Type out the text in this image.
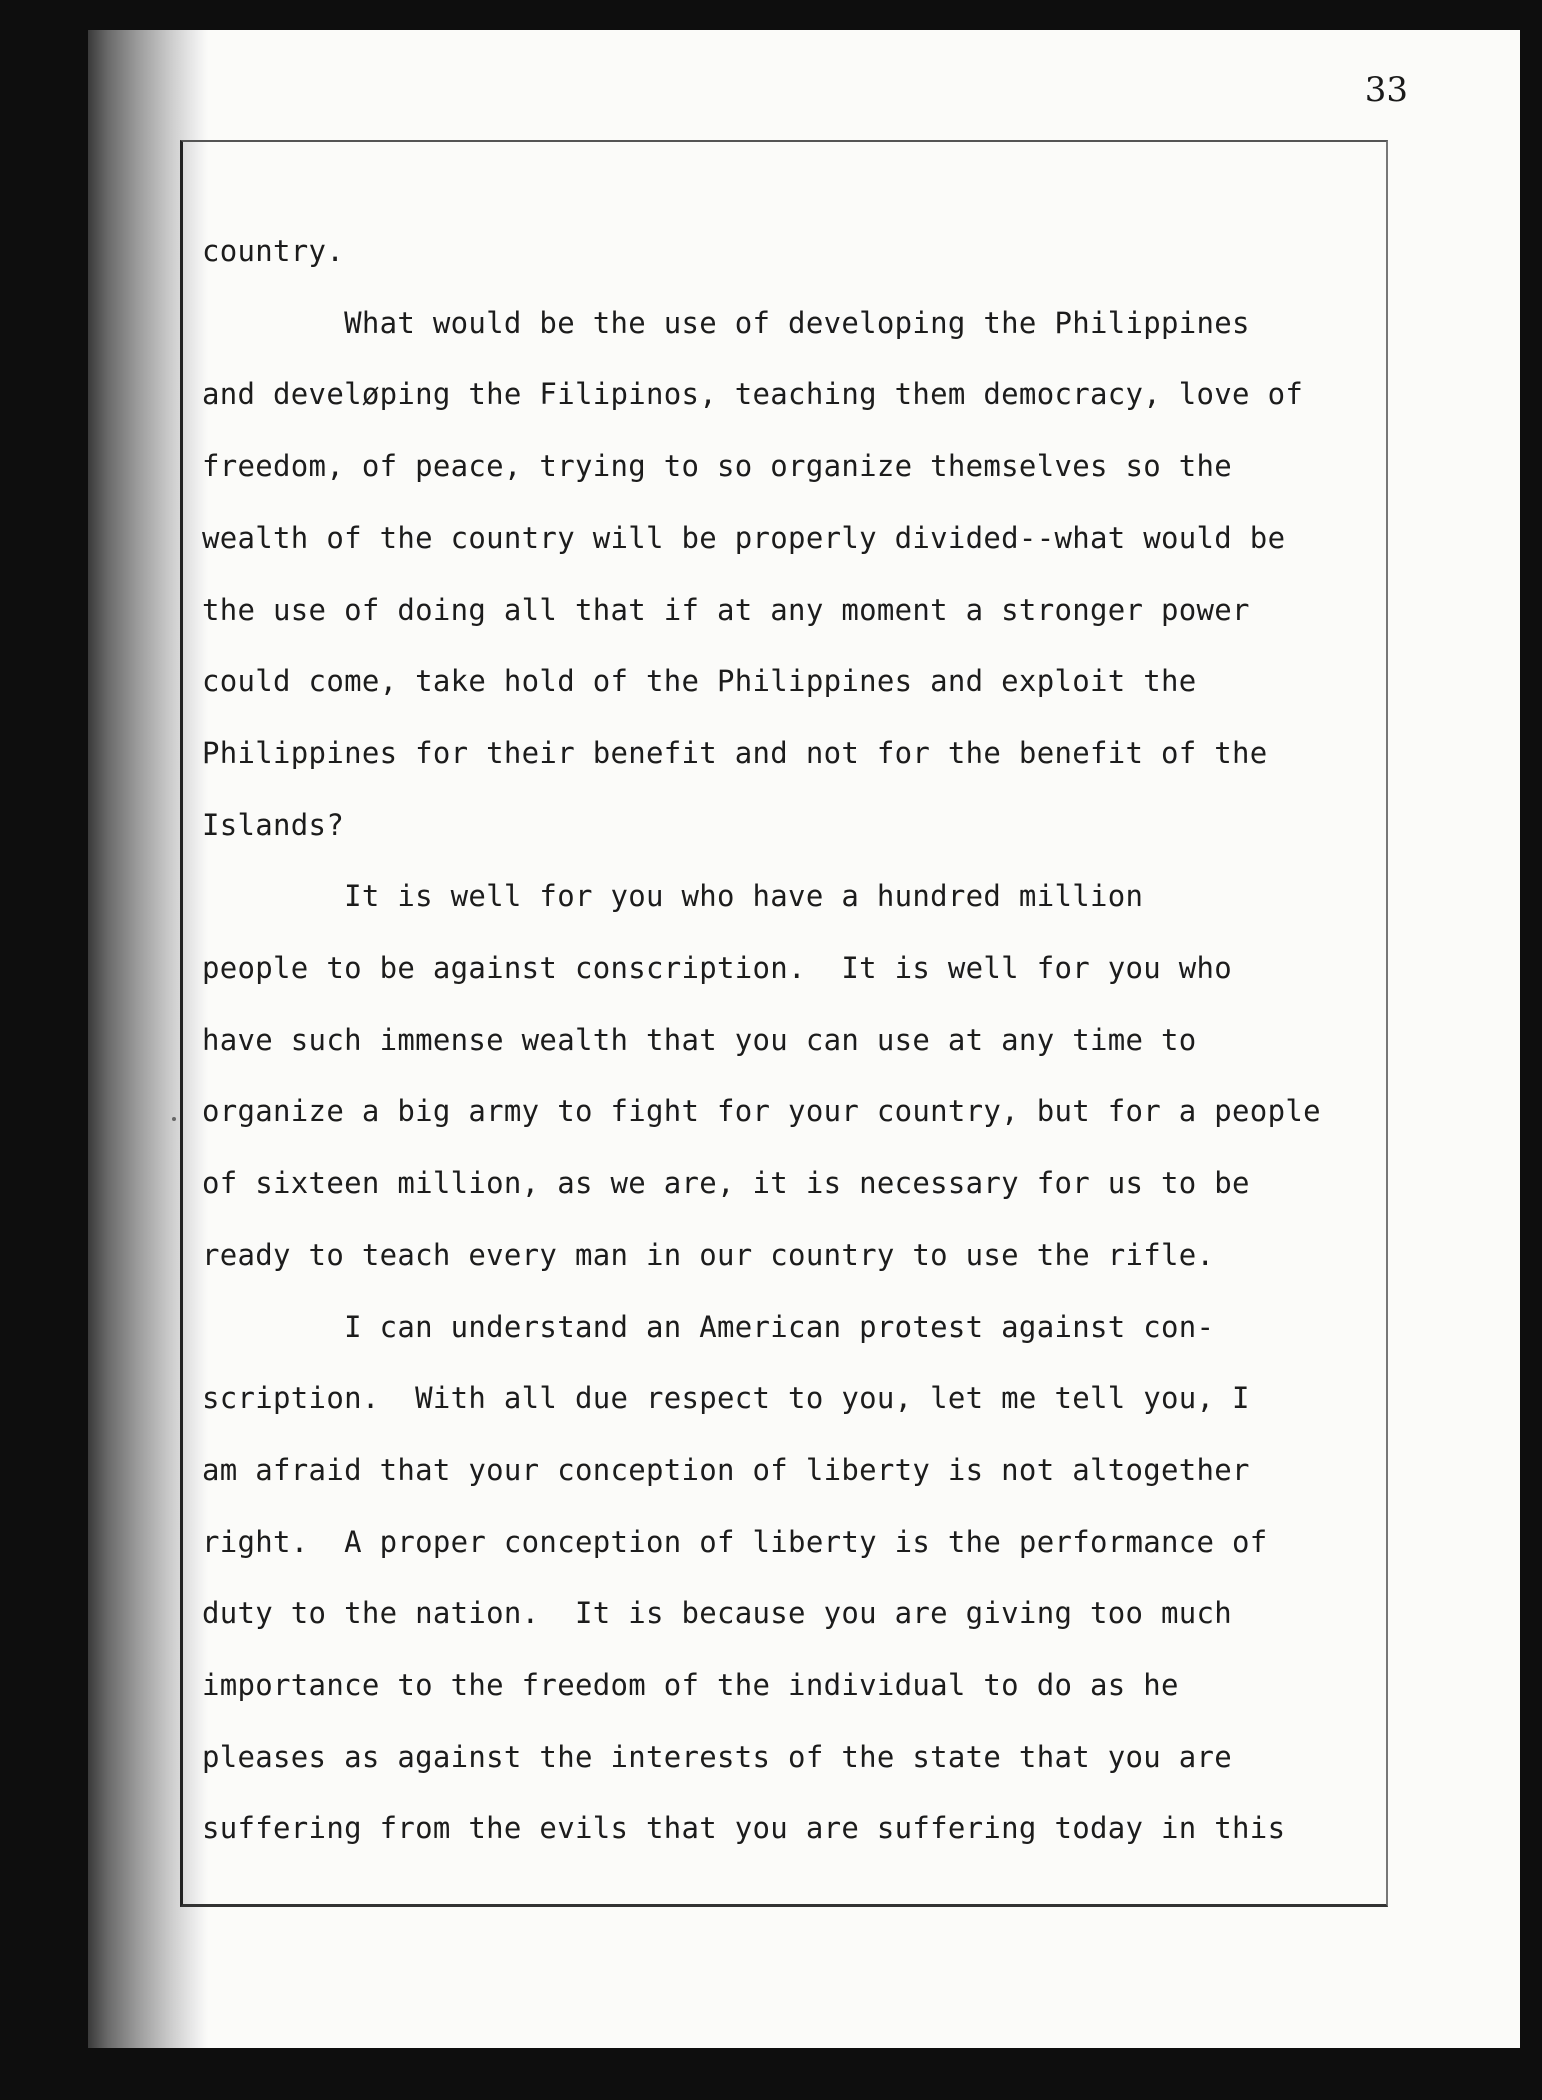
33

country.

What would be the use of developing the Philippines

and develøping the Filipinos, teaching them democracy, love of

freedom, of peace, trying to so organize themselves so the

wealth of the country will be properly divided--what would be

the use of doing all that if at any moment a stronger power

could come, take hold of the Philippines and exploit the

Philippines for their benefit and not for the benefit of the

Islands?

It is well for you who have a hundred million

people to be against conscription.  It is well for you who

have such immense wealth that you can use at any time to

organize a big army to fight for your country, but for a people

of sixteen million, as we are, it is necessary for us to be

ready to teach every man in our country to use the rifle.

I can understand an American protest against con-

scription.  With all due respect to you, let me tell you, I

am afraid that your conception of liberty is not altogether

right.  A proper conception of liberty is the performance of

duty to the nation.  It is because you are giving too much

importance to the freedom of the individual to do as he

pleases as against the interests of the state that you are

suffering from the evils that you are suffering today in this
